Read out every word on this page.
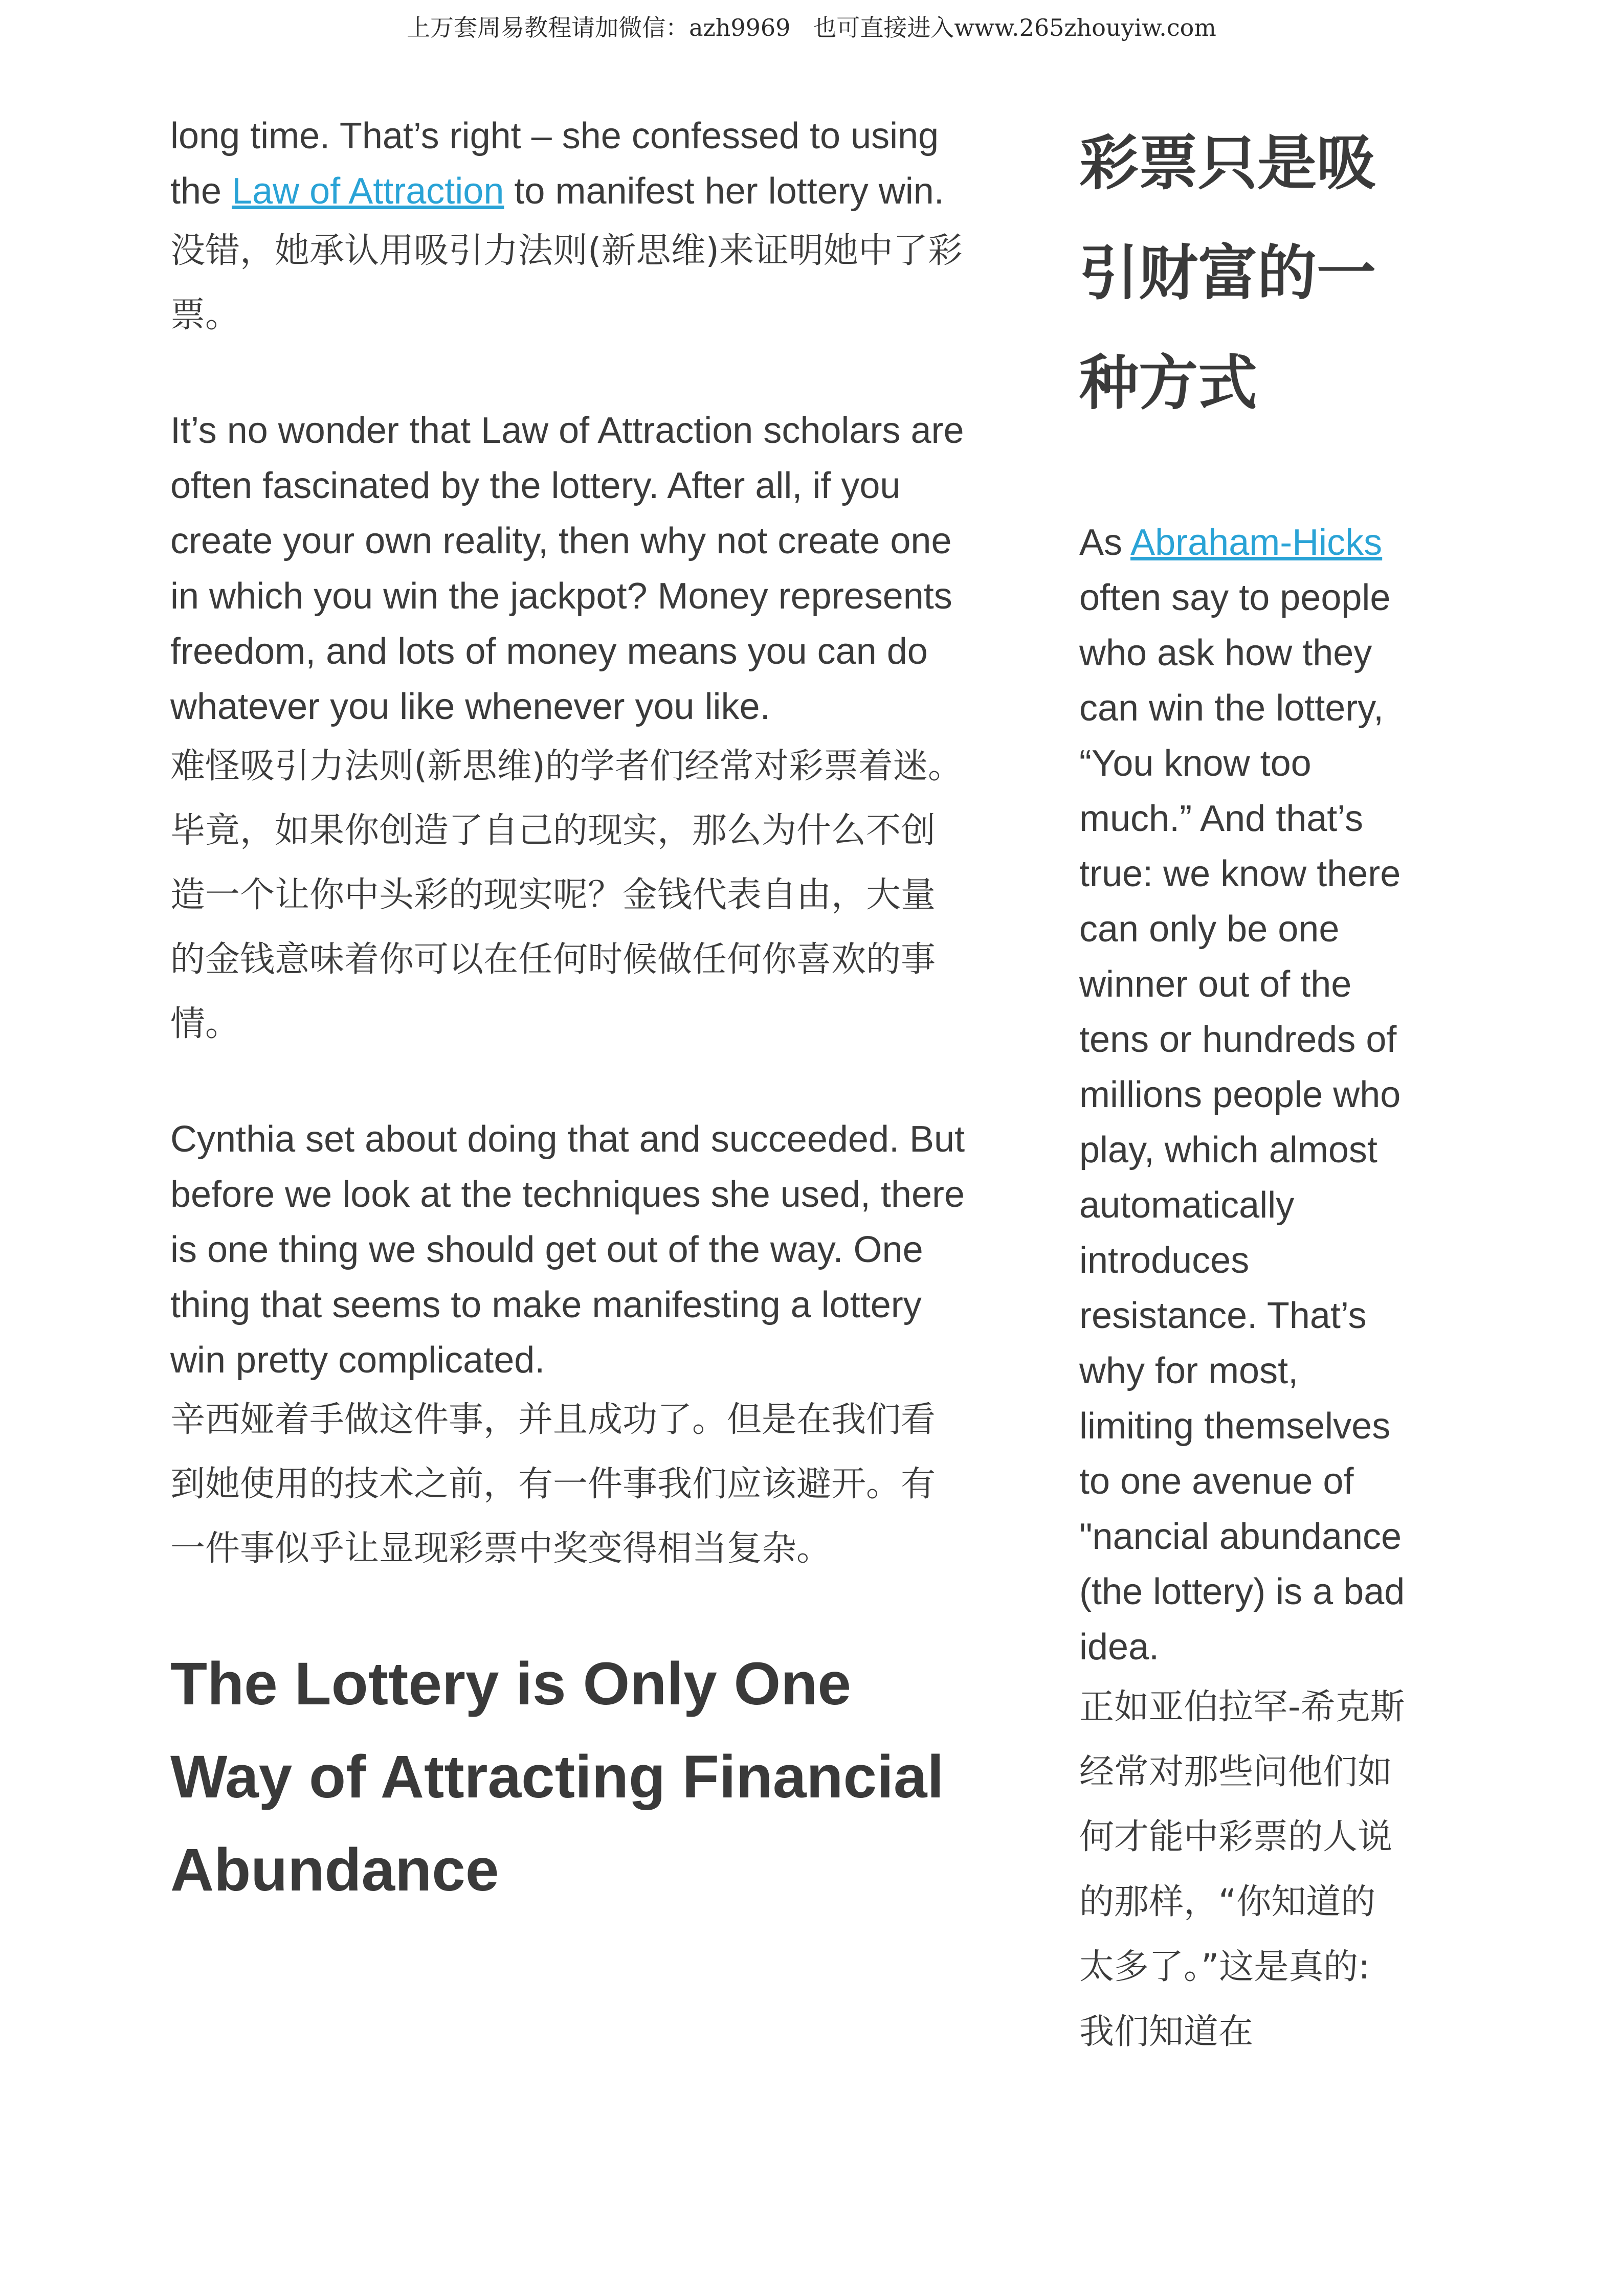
上万套周易教程请加微信：azh9969   也可直接进入www.265zhouyiw.com

long time. That’s right – she confessed to using the Law of Attraction to manifest her lottery win.
没错，她承认用吸引力法则(新思维)来证明她中了彩票。

It’s no wonder that Law of Attraction scholars are often fascinated by the lottery. After all, if you create your own reality, then why not create one in which you win the jackpot? Money represents freedom, and lots of money means you can do whatever you like whenever you like.
难怪吸引力法则(新思维)的学者们经常对彩票着迷。毕竟，如果你创造了自己的现实，那么为什么不创造一个让你中头彩的现实呢？金钱代表自由，大量的金钱意味着你可以在任何时候做任何你喜欢的事情。

Cynthia set about doing that and succeeded. But before we look at the techniques she used, there is one thing we should get out of the way. One thing that seems to make manifesting a lottery win pretty complicated.
辛西娅着手做这件事，并且成功了。但是在我们看到她使用的技术之前，有一件事我们应该避开。有一件事似乎让显现彩票中奖变得相当复杂。

The Lottery is Only One Way of Attracting Financial Abundance
彩票只是吸引财富的一种方式
As Abraham-Hicks often say to people who ask how they can win the lottery, “You know too much.” And that’s true: we know there can only be one winner out of the tens or hundreds of millions people who play, which almost automatically introduces resistance. That’s why for most, limiting themselves to one avenue of "nancial abundance (the lottery) is a bad idea.
正如亚伯拉罕-希克斯经常对那些问他们如何才能中彩票的人说的那样，“你知道的太多了。”这是真的: 我们知道在
